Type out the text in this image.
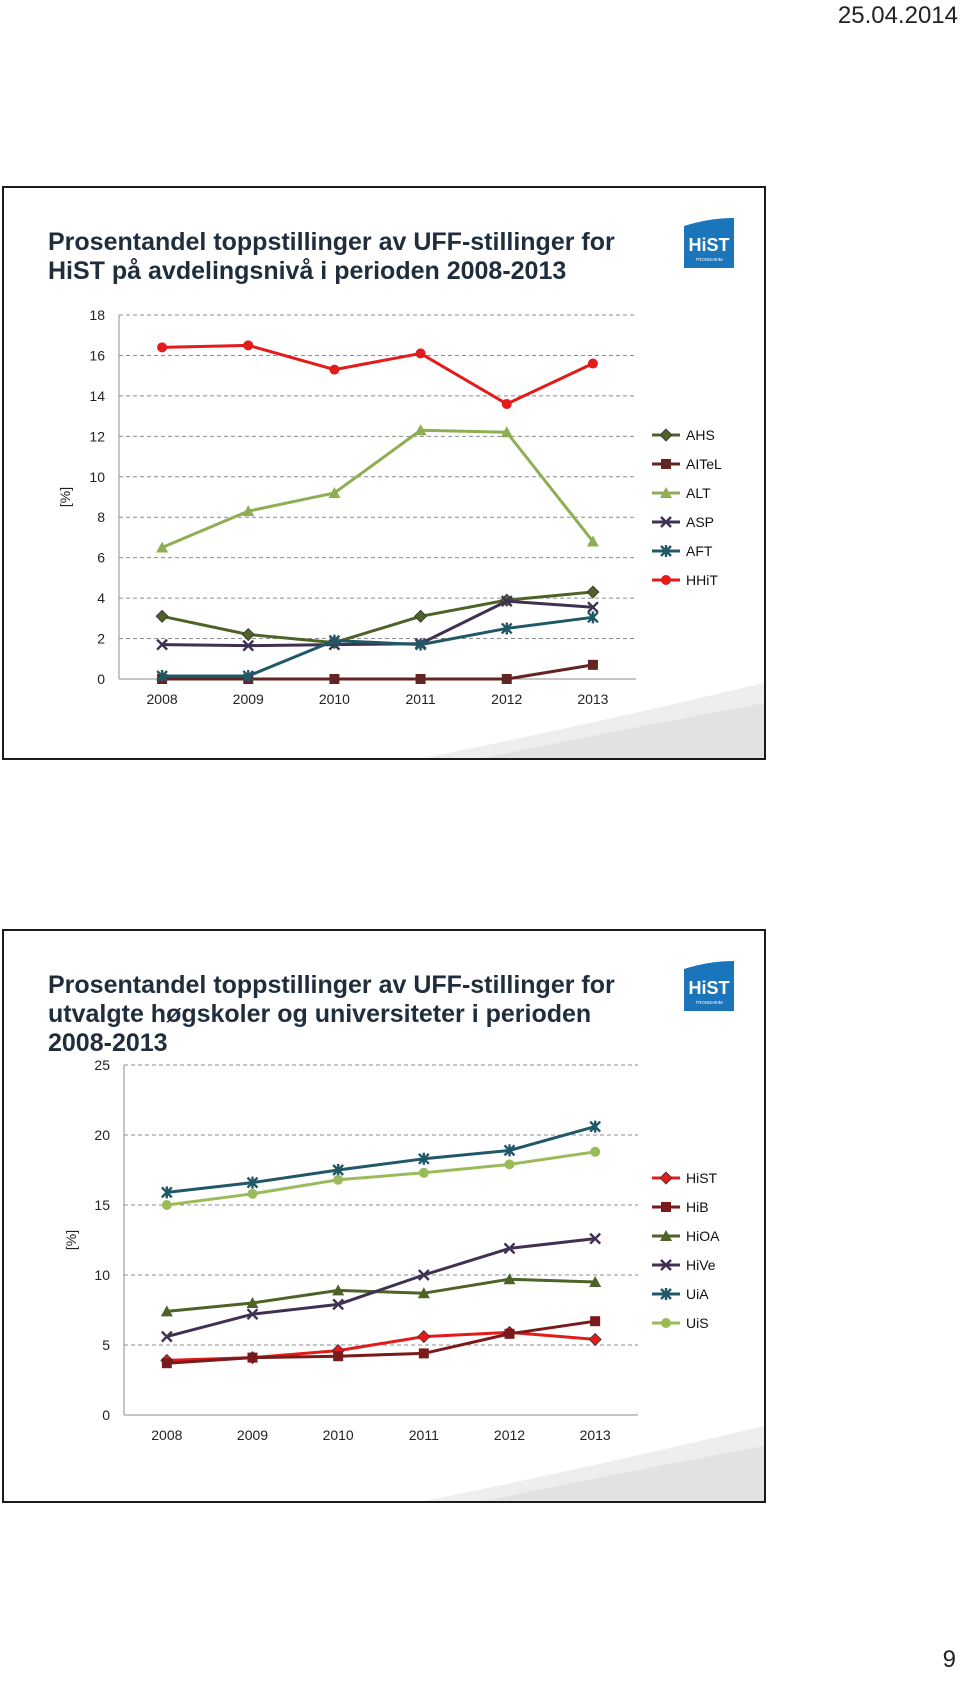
25.04.2014
Prosentandel toppstillinger av UFF-stillinger for
HiST på avdelingsnivå i perioden 2008-2013
HiST
TRONDHEIM
0
2
4
6
8
10
12
14
16
18
2008	2009	2010	2011	2012	2013
[%]
AHS
AITeL
ALT
ASP
AFT
HHiT
Prosentandel toppstillinger av UFF-stillinger for
utvalgte høgskoler og universiteter i perioden
2008-2013
HiST
TRONDHEIM
0
5
10
15
20
25
2008	2009	2010	2011	2012	2013
[%]
HiST
HiB
HiOA
HiVe
UiA
UiS
9
